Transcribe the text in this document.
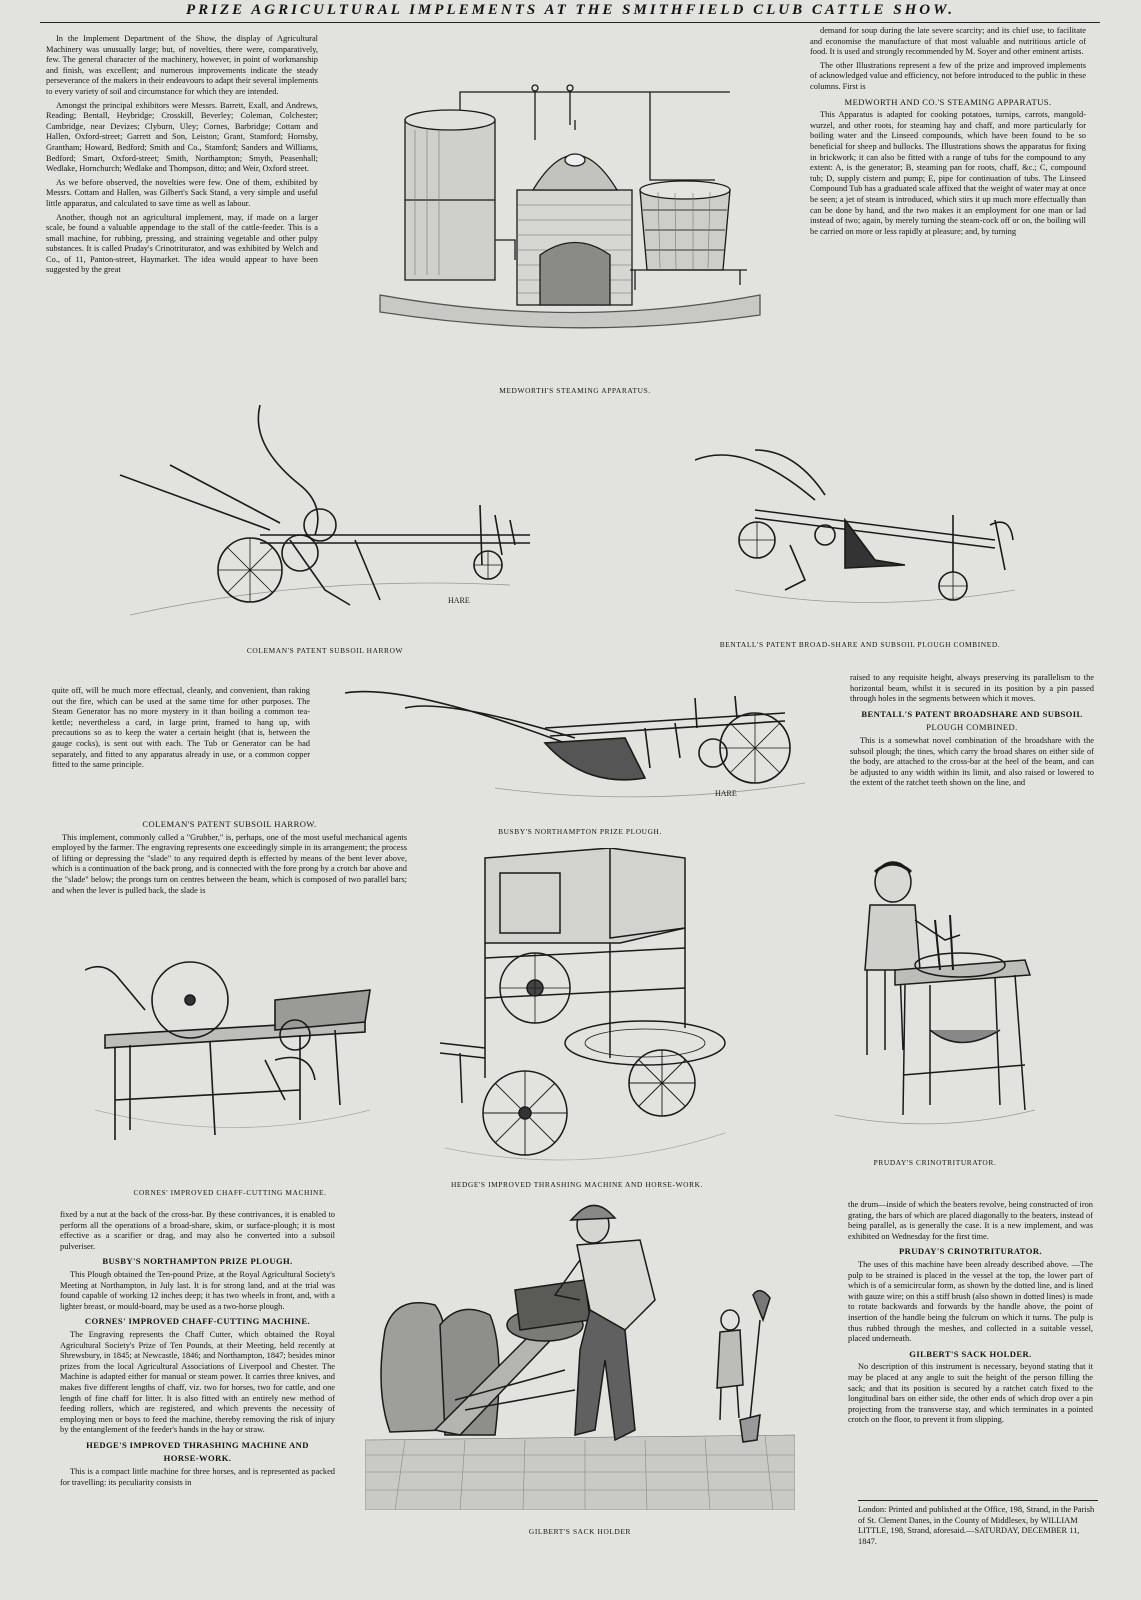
PRIZE AGRICULTURAL IMPLEMENTS AT THE SMITHFIELD CLUB CATTLE SHOW.

In the Implement Department of the Show, the display of Agricultural Machinery was unusually large; but, of novelties, there were, comparatively, few. The general character of the machinery, however, in point of workmanship and finish, was excellent; and numerous improvements indicate the steady perseverance of the makers in their endeavours to adapt their several implements to every variety of soil and circumstance for which they are intended.

Amongst the principal exhibitors were Messrs. Barrett, Exall, and Andrews, Reading; Bentall, Heybridge; Crosskill, Beverley; Coleman, Colchester; Cambridge, near Devizes; Clyburn, Uley; Cornes, Barbridge; Cottam and Hallen, Oxford-street; Garrett and Son, Leiston; Grant, Stamford; Hornsby, Grantham; Howard, Bedford; Smith and Co., Stamford; Sanders and Williams, Bedford; Smart, Oxford-street; Smith, Northampton; Smyth, Peasenhall; Wedlake, Hornchurch; Wedlake and Thompson, ditto; and Weir, Oxford street.

As we before observed, the novelties were few. One of them, exhibited by Messrs. Cottam and Hallen, was Gilbert's Sack Stand, a very simple and useful little apparatus, and calculated to save time as well as labour.

Another, though not an agricultural implement, may, if made on a larger scale, be found a valuable appendage to the stall of the cattle-feeder. This is a small machine, for rubbing, pressing, and straining vegetable and other pulpy substances. It is called Pruday's Crinotriturator, and was exhibited by Welch and Co., of 11, Panton-street, Haymarket. The idea would appear to have been suggested by the great

MEDWORTH'S STEAMING APPARATUS.

demand for soup during the late severe scarcity; and its chief use, to facilitate and economise the manufacture of that most valuable and nutritious article of food. It is used and strongly recommended by M. Soyer and other eminent artists.

The other Illustrations represent a few of the prize and improved implements of acknowledged value and efficiency, not before introduced to the public in these columns. First is

MEDWORTH AND CO.'S STEAMING APPARATUS.

This Apparatus is adapted for cooking potatoes, turnips, carrots, mangold-wurzel, and other roots, for steaming hay and chaff, and more particularly for boiling water and the Linseed compounds, which have been found to be so beneficial for sheep and bullocks. The Illustrations shows the apparatus for fixing in brickwork; it can also be fitted with a range of tubs for the compound to any extent: A, is the generator; B, steaming pan for roots, chaff, &c.; C, compound tub; D, supply cistern and pump; E, pipe for continuation of tubs. The Linseed Compound Tub has a graduated scale affixed that the weight of water may at once be seen; a jet of steam is introduced, which stirs it up much more effectually than can be done by hand, and the two makes it an employment for one man or lad instead of two; again, by merely turning the steam-cock off or on, the boiling will be carried on more or less rapidly at pleasure; and, by turning

HARE
COLEMAN'S PATENT SUBSOIL HARROW
BENTALL'S PATENT BROAD-SHARE AND SUBSOIL PLOUGH COMBINED.

quite off, will be much more effectual, cleanly, and convenient, than raking out the fire, which can be used at the same time for other purposes. The Steam Generator has no more mystery in it than boiling a common tea-kettle; nevertheless a card, in large print, framed to hang up, with precautions so as to keep the water a certain height (that is, between the gauge cocks), is sent out with each. The Tub or Generator can be had separately, and fitted to any apparatus already in use, or a common copper fitted to the same principle.

COLEMAN'S PATENT SUBSOIL HARROW.

This implement, commonly called a "Grubber," is, perhaps, one of the most useful mechanical agents employed by the farmer. The engraving represents one exceedingly simple in its arrangement; the process of lifting or depressing the "slade" to any required depth is effected by means of the bent lever above, which is a continuation of the back prong, and is connected with the fore prong by a crotch bar above and the "slade" below; the prongs turn on centres between the beam, which is composed of two parallel bars; and when the lever is pulled back, the slade is

HARE
BUSBY'S NORTHAMPTON PRIZE PLOUGH.

raised to any requisite height, always preserving its parallelism to the horizontal beam, whilst it is secured in its position by a pin passed through holes in the segments between which it moves.

BENTALL'S PATENT BROADSHARE AND SUBSOIL
PLOUGH COMBINED.

This is a somewhat novel combination of the broadshare with the subsoil plough; the tines, which carry the broad shares on either side of the body, are attached to the cross-bar at the heel of the beam, and can be adjusted to any width within its limit, and also raised or lowered to the extent of the ratchet teeth shown on the line, and

CORNES' IMPROVED CHAFF-CUTTING MACHINE.
HEDGE'S IMPROVED THRASHING MACHINE AND HORSE-WORK.
PRUDAY'S CRINOTRITURATOR.
GILBERT'S SACK HOLDER

fixed by a nut at the back of the cross-bar. By these contrivances, it is enabled to perform all the operations of a broad-share, skim, or surface-plough; it is most effective as a scarifier or drag, and may also be converted into a subsoil pulveriser.

BUSBY'S NORTHAMPTON PRIZE PLOUGH.

This Plough obtained the Ten-pound Prize, at the Royal Agricultural Society's Meeting at Northampton, in July last. It is for strong land, and at the trial was found capable of working 12 inches deep; it has two wheels in front, and, with a lighter breast, or mould-board, may be used as a two-horse plough.

CORNES' IMPROVED CHAFF-CUTTING MACHINE.

The Engraving represents the Chaff Cutter, which obtained the Royal Agricultural Society's Prize of Ten Pounds, at their Meeting, held recently at Shrewsbury, in 1845; at Newcastle, 1846; and Northampton, 1847; besides minor prizes from the local Agricultural Associations of Liverpool and Chester. The Machine is adapted either for manual or steam power. It carries three knives, and makes five different lengths of chaff, viz. two for horses, two for cattle, and one length of fine chaff for litter. It is also fitted with an entirely new method of feeding rollers, which are registered, and which prevents the necessity of employing men or boys to feed the machine, thereby removing the risk of injury by the entanglement of the feeder's hands in the hay or straw.

HEDGE'S IMPROVED THRASHING MACHINE AND
HORSE-WORK.

This is a compact little machine for three horses, and is represented as packed for travelling: its peculiarity consists in

the drum—inside of which the beaters revolve, being constructed of iron grating, the bars of which are placed diagonally to the beaters, instead of being parallel, as is generally the case. It is a new implement, and was exhibited on Wednesday for the first time.

PRUDAY'S CRINOTRITURATOR.

The uses of this machine have been already described above. —The pulp to be strained is placed in the vessel at the top, the lower part of which is of a semicircular form, as shown by the dotted line, and is lined with gauze wire; on this a stiff brush (also shown in dotted lines) is made to rotate backwards and forwards by the handle above, the point of insertion of the handle being the fulcrum on which it turns. The pulp is thus rubbed through the meshes, and collected in a suitable vessel, placed underneath.

GILBERT'S SACK HOLDER.

No description of this instrument is necessary, beyond stating that it may be placed at any angle to suit the height of the person filling the sack; and that its position is secured by a ratchet catch fixed to the longitudinal bars on either side, the other ends of which drop over a pin projecting from the transverse stay, and which terminates in a pointed crotch on the floor, to prevent it from slipping.

London: Printed and published at the Office, 198, Strand, in the Parish of St. Clement Danes, in the County of Middlesex, by WILLIAM LITTLE, 198, Strand, aforesaid.—SATURDAY, DECEMBER 11, 1847.
